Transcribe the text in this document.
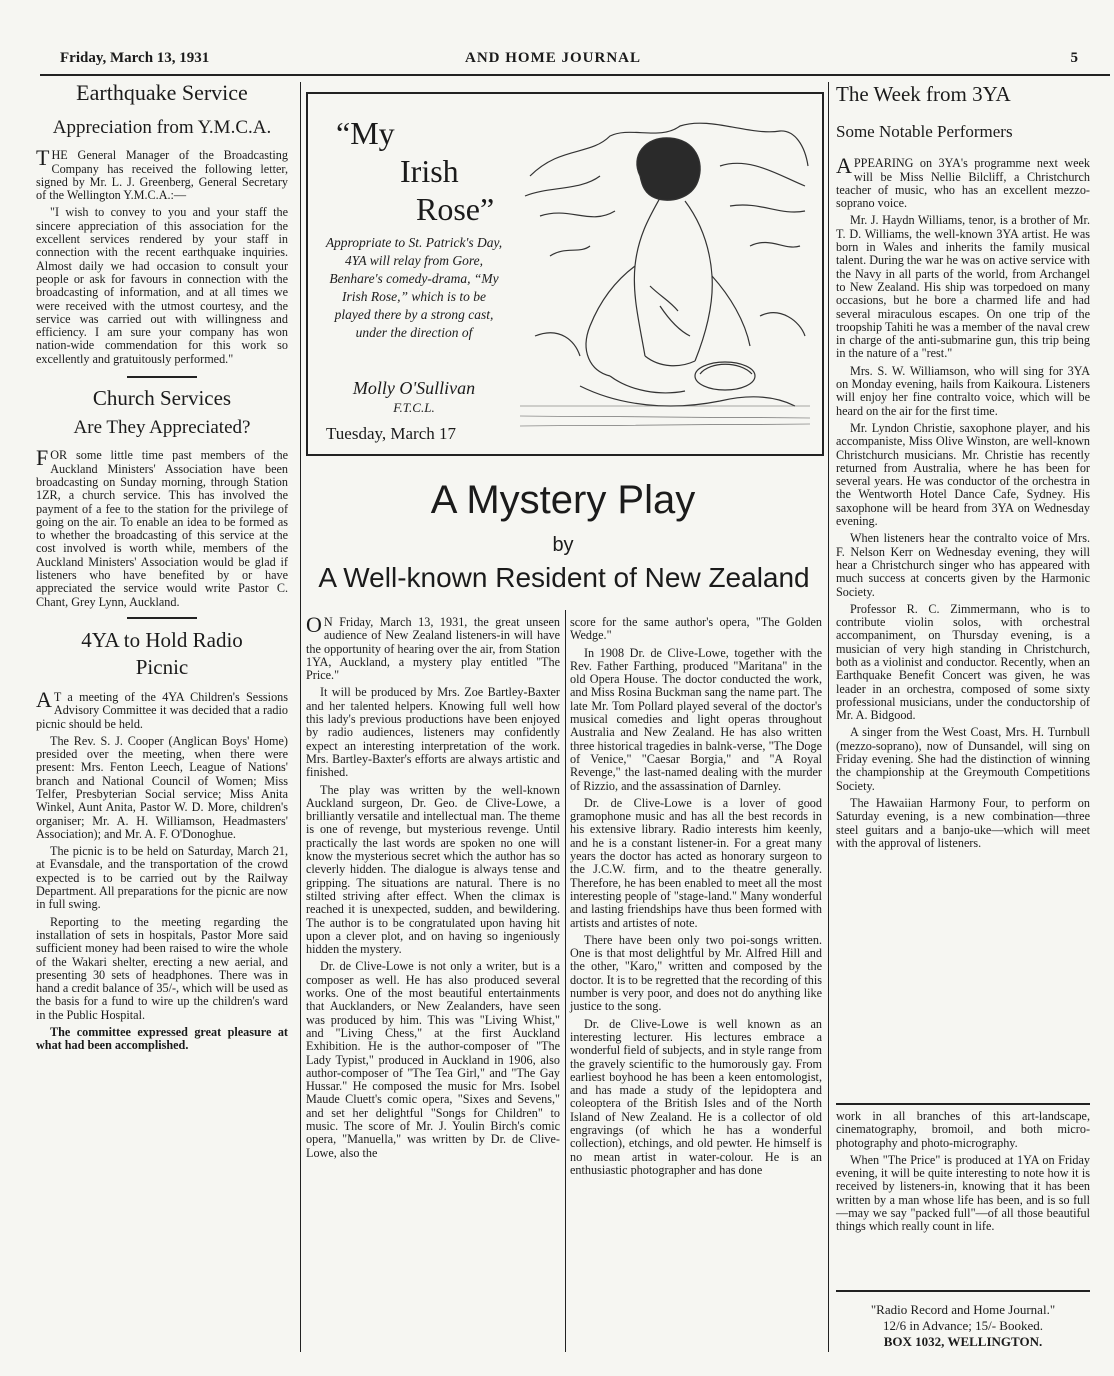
Friday, March 13, 1931	AND HOME JOURNAL	5
Earthquake Service
Appreciation from Y.M.C.A.

THE General Manager of the Broadcasting Company has received the following letter, signed by Mr. L. J. Greenberg, General Secretary of the Wellington Y.M.C.A.:—

"I wish to convey to you and your staff the sincere appreciation of this association for the excellent services rendered by your staff in connection with the recent earthquake inquiries. Almost daily we had occasion to consult your people or ask for favours in connection with the broadcasting of information, and at all times we were received with the utmost courtesy, and the service was carried out with willingness and efficiency. I am sure your company has won nation-wide commendation for this work so excellently and gratuitously performed."

Church Services
Are They Appreciated?

FOR some little time past members of the Auckland Ministers' Association have been broadcasting on Sunday morning, through Station 1ZR, a church service. This has involved the payment of a fee to the station for the privilege of going on the air. To enable an idea to be formed as to whether the broadcasting of this service at the cost involved is worth while, members of the Auckland Ministers' Association would be glad if listeners who have benefited by or have appreciated the service would write Pastor C. Chant, Grey Lynn, Auckland.

4YA to Hold Radio Picnic

A T a meeting of the 4YA Children's Sessions Advisory Committee it was decided that a radio picnic should be held.

The Rev. S. J. Cooper (Anglican Boys' Home) presided over the meeting, when there were present: Mrs. Fenton Leech, League of Nations' branch and National Council of Women; Miss Telfer, Presbyterian Social service; Miss Anita Winkel, Aunt Anita, Pastor W. D. More, children's organiser; Mr. A. H. Williamson, Headmasters' Association); and Mr. A. F. O'Donoghue.

The picnic is to be held on Saturday, March 21, at Evansdale, and the transportation of the crowd expected is to be carried out by the Railway Department. All preparations for the picnic are now in full swing.

Reporting to the meeting regarding the installation of sets in hospitals, Pastor More said sufficient money had been raised to wire the whole of the Wakari shelter, erecting a new aerial, and presenting 30 sets of headphones. There was in hand a credit balance of 35/-, which will be used as the basis for a fund to wire up the children's ward in the Public Hospital.

The committee expressed great pleasure at what had been accomplished.

“My
Irish
Rose”
Appropriate to St. Patrick's Day, 4YA will relay from Gore, Benhare's comedy-drama, “My Irish Rose,” which is to be played there by a strong cast, under the direction of
Molly O'Sullivan
F.T.C.L.
Tuesday, March 17
A Mystery Play
by
A Well-known Resident of New Zealand

O N Friday, March 13, 1931, the great unseen audience of New Zealand listeners-in will have the opportunity of hearing over the air, from Station 1YA, Auckland, a mystery play entitled "The Price."

It will be produced by Mrs. Zoe Bartley-Baxter and her talented helpers. Knowing full well how this lady's previous productions have been enjoyed by radio audiences, listeners may confidently expect an interesting interpretation of the work. Mrs. Bartley-Baxter's efforts are always artistic and finished.

The play was written by the well-known Auckland surgeon, Dr. Geo. de Clive-Lowe, a brilliantly versatile and intellectual man. The theme is one of revenge, but mysterious revenge. Until practically the last words are spoken no one will know the mysterious secret which the author has so cleverly hidden. The dialogue is always tense and gripping. The situations are natural. There is no stilted striving after effect. When the climax is reached it is unexpected, sudden, and bewildering. The author is to be congratulated upon having hit upon a clever plot, and on having so ingeniously hidden the mystery.

Dr. de Clive-Lowe is not only a writer, but is a composer as well. He has also produced several works. One of the most beautiful entertainments that Aucklanders, or New Zealanders, have seen was produced by him. This was "Living Whist," and "Living Chess," at the first Auckland Exhibition. He is the author-composer of "The Lady Typist," produced in Auckland in 1906, also author-composer of "The Tea Girl," and "The Gay Hussar." He composed the music for Mrs. Isobel Maude Cluett's comic opera, "Sixes and Sevens," and set her delightful "Songs for Children" to music. The score of Mr. J. Youlin Birch's comic opera, "Manuella," was written by Dr. de Clive-Lowe, also the

score for the same author's opera, "The Golden Wedge."

In 1908 Dr. de Clive-Lowe, together with the Rev. Father Farthing, produced "Maritana" in the old Opera House. The doctor conducted the work, and Miss Rosina Buckman sang the name part. The late Mr. Tom Pollard played several of the doctor's musical comedies and light operas throughout Australia and New Zealand. He has also written three historical tragedies in balnk-verse, "The Doge of Venice," "Caesar Borgia," and "A Royal Revenge," the last-named dealing with the murder of Rizzio, and the assassination of Darnley.

Dr. de Clive-Lowe is a lover of good gramophone music and has all the best records in his extensive library. Radio interests him keenly, and he is a constant listener-in. For a great many years the doctor has acted as honorary surgeon to the J.C.W. firm, and to the theatre generally. Therefore, he has been enabled to meet all the most interesting people of "stage-land." Many wonderful and lasting friendships have thus been formed with artists and artistes of note.

There have been only two poi-songs written. One is that most delightful by Mr. Alfred Hill and the other, "Karo," written and composed by the doctor. It is to be regretted that the recording of this number is very poor, and does not do anything like justice to the song.

Dr. de Clive-Lowe is well known as an interesting lecturer. His lectures embrace a wonderful field of subjects, and in style range from the gravely scientific to the humorously gay. From earliest boyhood he has been a keen entomologist, and has made a study of the lepidoptera and coleoptera of the British Isles and of the North Island of New Zealand. He is a collector of old engravings (of which he has a wonderful collection), etchings, and old pewter. He himself is no mean artist in water-colour. He is an enthusiastic photographer and has done

The Week from 3YA
Some Notable Performers

APPEARING on 3YA's programme next week will be Miss Nellie Bilcliff, a Christchurch teacher of music, who has an excellent mezzo-soprano voice.

Mr. J. Haydn Williams, tenor, is a brother of Mr. T. D. Williams, the well-known 3YA artist. He was born in Wales and inherits the family musical talent. During the war he was on active service with the Navy in all parts of the world, from Archangel to New Zealand. His ship was torpedoed on many occasions, but he bore a charmed life and had several miraculous escapes. On one trip of the troopship Tahiti he was a member of the naval crew in charge of the anti-submarine gun, this trip being in the nature of a "rest."

Mrs. S. W. Williamson, who will sing for 3YA on Monday evening, hails from Kaikoura. Listeners will enjoy her fine contralto voice, which will be heard on the air for the first time.

Mr. Lyndon Christie, saxophone player, and his accompaniste, Miss Olive Winston, are well-known Christchurch musicians. Mr. Christie has recently returned from Australia, where he has been for several years. He was conductor of the orchestra in the Wentworth Hotel Dance Cafe, Sydney. His saxophone will be heard from 3YA on Wednesday evening.

When listeners hear the contralto voice of Mrs. F. Nelson Kerr on Wednesday evening, they will hear a Christchurch singer who has appeared with much success at concerts given by the Harmonic Society.

Professor R. C. Zimmermann, who is to contribute violin solos, with orchestral accompaniment, on Thursday evening, is a musician of very high standing in Christchurch, both as a violinist and conductor. Recently, when an Earthquake Benefit Concert was given, he was leader in an orchestra, composed of some sixty professional musicians, under the conductorship of Mr. A. Bidgood.

A singer from the West Coast, Mrs. H. Turnbull (mezzo-soprano), now of Dunsandel, will sing on Friday evening. She had the distinction of winning the championship at the Greymouth Competitions Society.

The Hawaiian Harmony Four, to perform on Saturday evening, is a new combination—three steel guitars and a banjo-uke—which will meet with the approval of listeners.

work in all branches of this art-landscape, cinematography, bromoil, and both micro-photography and photo-micrography.

When "The Price" is produced at 1YA on Friday evening, it will be quite interesting to note how it is received by listeners-in, knowing that it has been written by a man whose life has been, and is so full—may we say "packed full"—of all those beautiful things which really count in life.

"Radio Record and Home Journal."
12/6 in Advance; 15/- Booked.
BOX 1032, WELLINGTON.
